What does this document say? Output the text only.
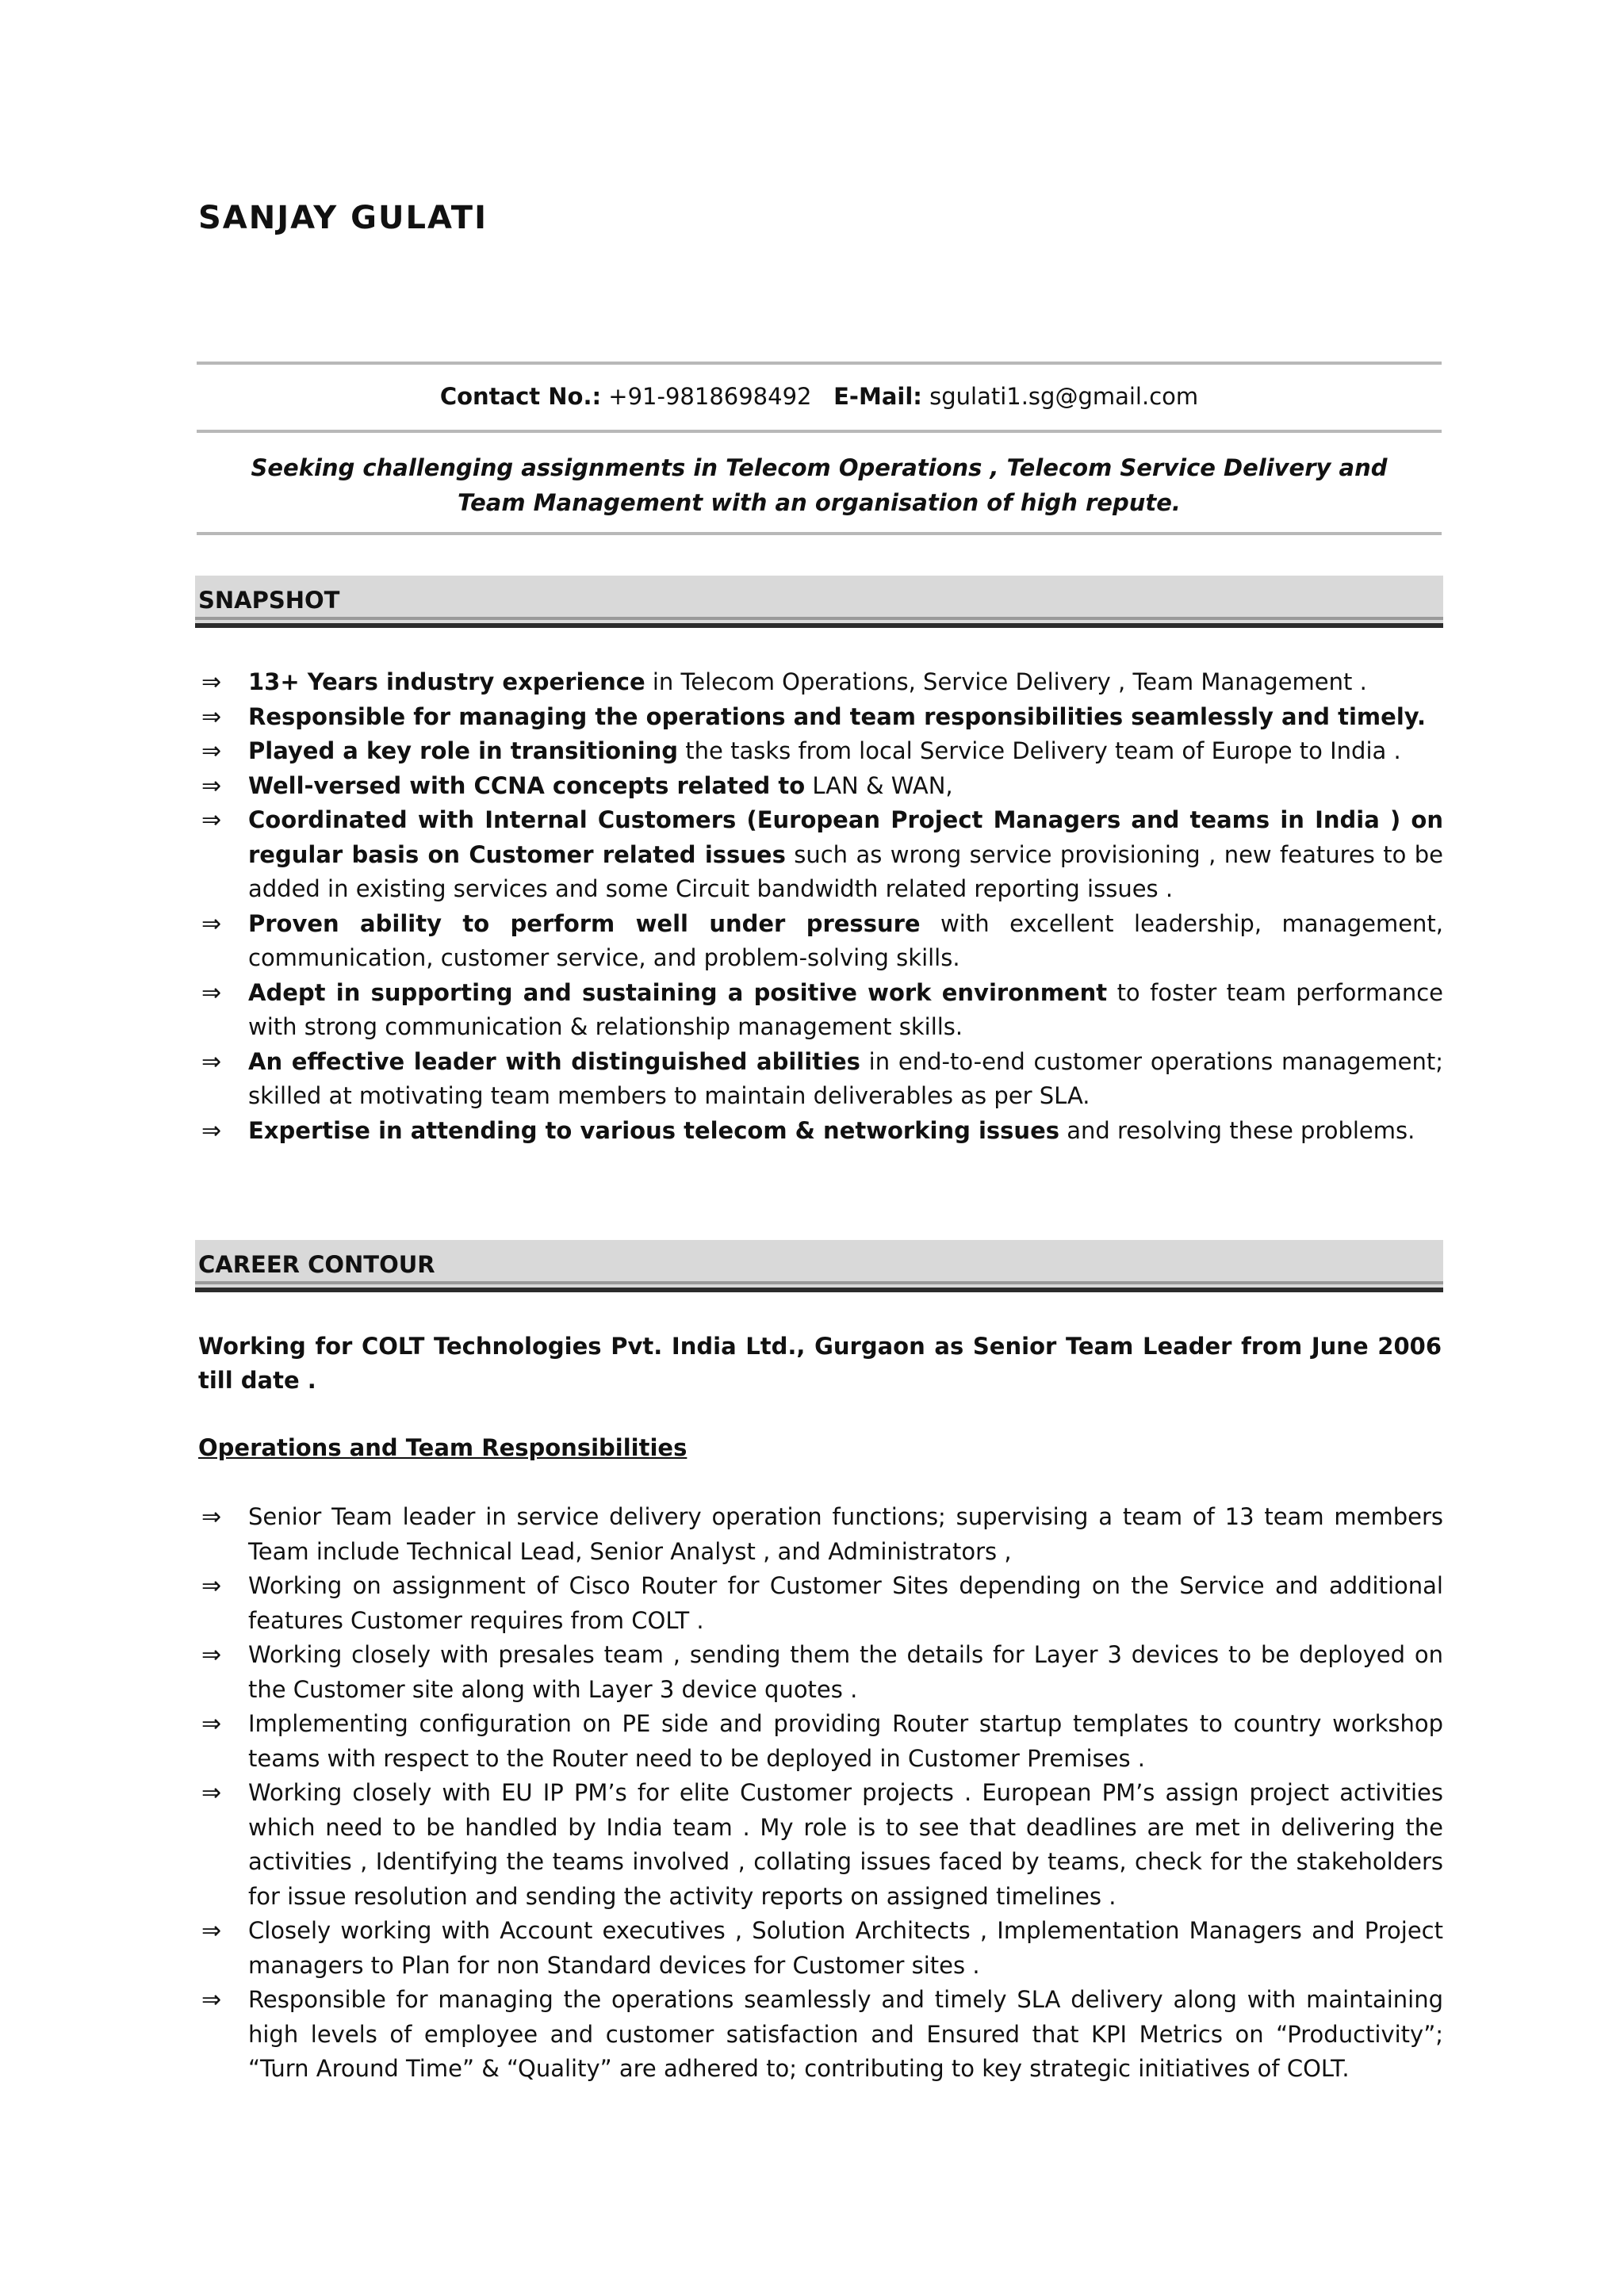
SANJAY GULATI
Contact No.: +91-9818698492 E-Mail: sgulati1.sg@gmail.com
Seeking challenging assignments in Telecom Operations , Telecom Service Delivery and
Team Management with an organisation of high repute.
SNAPSHOT
⇒ 13+ Years industry experience in Telecom Operations, Service Delivery , Team Management .
⇒ Responsible for managing the operations and team responsibilities seamlessly and timely.
⇒ Played a key role in transitioning the tasks from local Service Delivery team of Europe to India .
⇒ Well-versed with CCNA concepts related to LAN & WAN,
⇒ Coordinated with Internal Customers (European Project Managers and teams in India ) on regular basis on Customer related issues such as wrong service provisioning , new features to be added in existing services and some Circuit bandwidth related reporting issues .
⇒ Proven ability to perform well under pressure with excellent leadership, management, communication, customer service, and problem-solving skills.
⇒ Adept in supporting and sustaining a positive work environment to foster team performance with strong communication & relationship management skills.
⇒ An effective leader with distinguished abilities in end-to-end customer operations management; skilled at motivating team members to maintain deliverables as per SLA.
⇒ Expertise in attending to various telecom & networking issues and resolving these problems.
CAREER CONTOUR
Working for COLT Technologies Pvt. India Ltd., Gurgaon as Senior Team Leader from June 2006 till date .
Operations and Team Responsibilities
⇒ Senior Team leader in service delivery operation functions; supervising a team of 13 team members Team include Technical Lead, Senior Analyst , and Administrators ,
⇒ Working on assignment of Cisco Router for Customer Sites depending on the Service and additional features Customer requires from COLT .
⇒ Working closely with presales team , sending them the details for Layer 3 devices to be deployed on the Customer site along with Layer 3 device quotes .
⇒ Implementing configuration on PE side and providing Router startup templates to country workshop teams with respect to the Router need to be deployed in Customer Premises .
⇒ Working closely with EU IP PM’s for elite Customer projects . European PM’s assign project activities which need to be handled by India team . My role is to see that deadlines are met in delivering the activities , Identifying the teams involved , collating issues faced by teams, check for the stakeholders for issue resolution and sending the activity reports on assigned timelines .
⇒ Closely working with Account executives , Solution Architects , Implementation Managers and Project managers to Plan for non Standard devices for Customer sites .
⇒ Responsible for managing the operations seamlessly and timely SLA delivery along with maintaining high levels of employee and customer satisfaction and Ensured that KPI Metrics on “Productivity”; “Turn Around Time” & “Quality” are adhered to; contributing to key strategic initiatives of COLT.
